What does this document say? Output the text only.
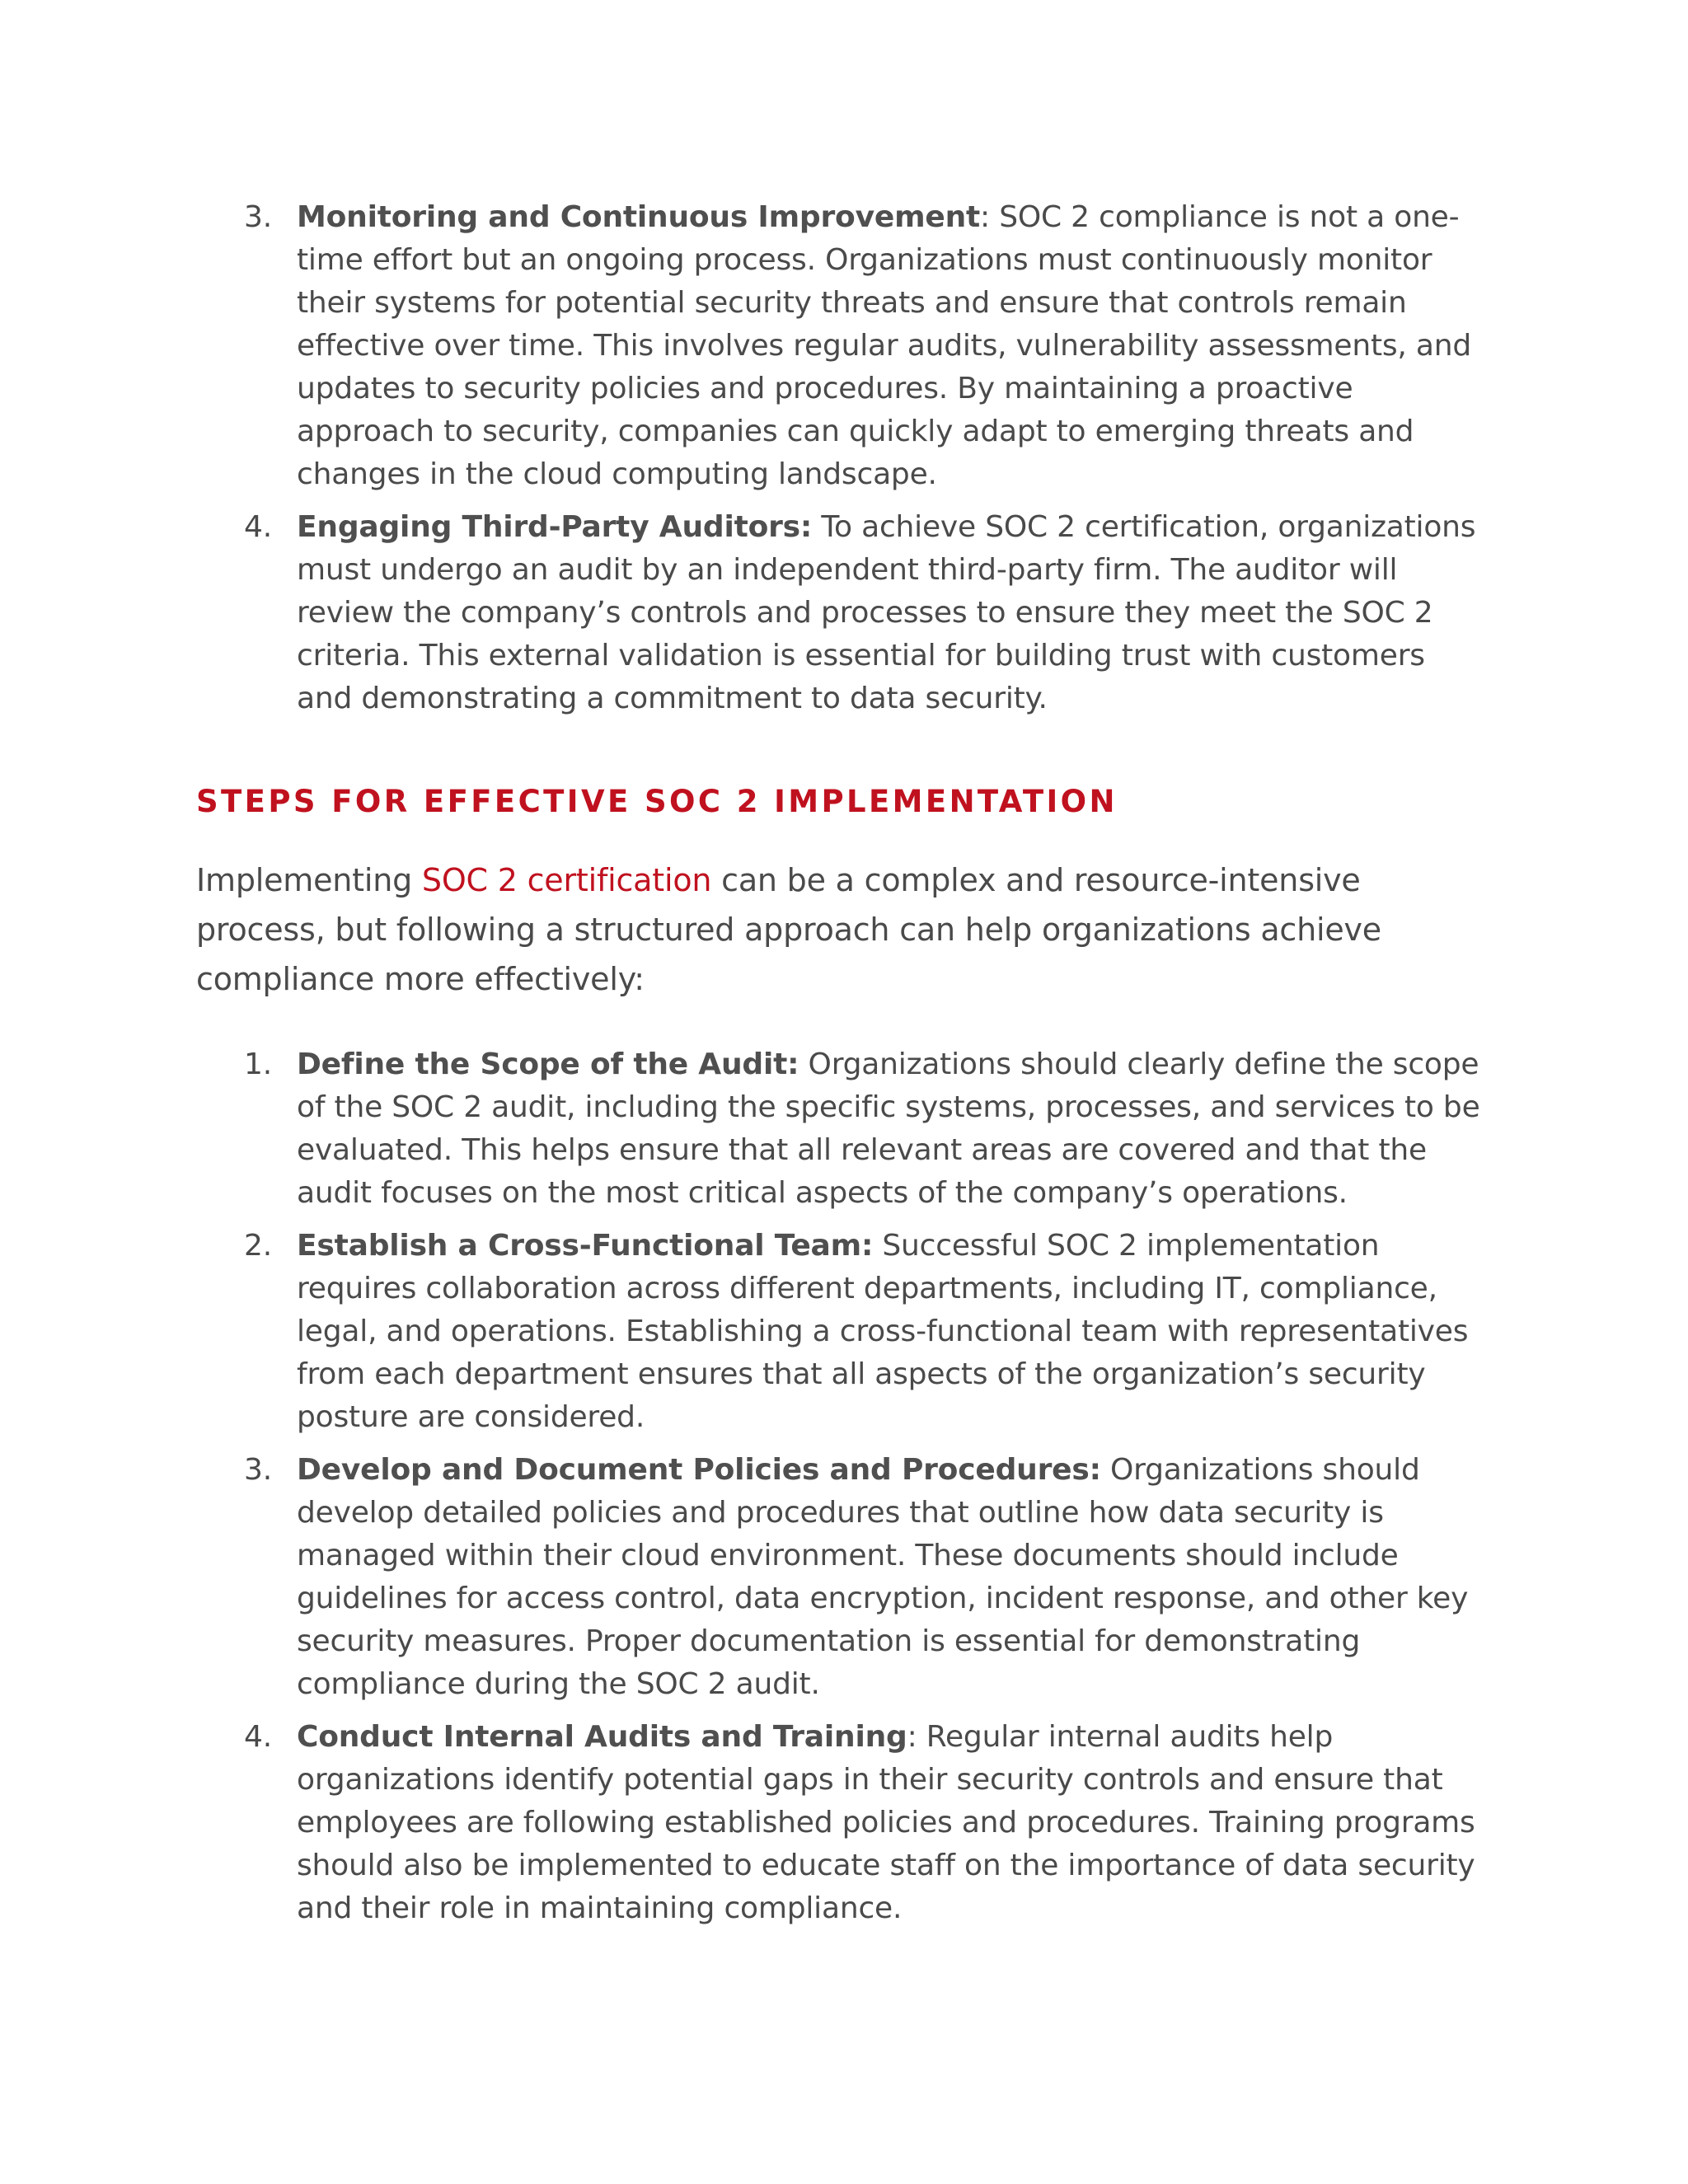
3. Monitoring and Continuous Improvement: SOC 2 compliance is not a one-time effort but an ongoing process. Organizations must continuously monitor their systems for potential security threats and ensure that controls remain effective over time. This involves regular audits, vulnerability assessments, and updates to security policies and procedures. By maintaining a proactive approach to security, companies can quickly adapt to emerging threats and changes in the cloud computing landscape.
4. Engaging Third-Party Auditors: To achieve SOC 2 certification, organizations must undergo an audit by an independent third-party firm. The auditor will review the company’s controls and processes to ensure they meet the SOC 2 criteria. This external validation is essential for building trust with customers and demonstrating a commitment to data security.
STEPS FOR EFFECTIVE SOC 2 IMPLEMENTATION

Implementing SOC 2 certification can be a complex and resource-intensive process, but following a structured approach can help organizations achieve compliance more effectively:

1. Define the Scope of the Audit: Organizations should clearly define the scope of the SOC 2 audit, including the specific systems, processes, and services to be evaluated. This helps ensure that all relevant areas are covered and that the audit focuses on the most critical aspects of the company’s operations.
2. Establish a Cross-Functional Team: Successful SOC 2 implementation requires collaboration across different departments, including IT, compliance, legal, and operations. Establishing a cross-functional team with representatives from each department ensures that all aspects of the organization’s security posture are considered.
3. Develop and Document Policies and Procedures: Organizations should develop detailed policies and procedures that outline how data security is managed within their cloud environment. These documents should include guidelines for access control, data encryption, incident response, and other key security measures. Proper documentation is essential for demonstrating compliance during the SOC 2 audit.
4. Conduct Internal Audits and Training: Regular internal audits help organizations identify potential gaps in their security controls and ensure that employees are following established policies and procedures. Training programs should also be implemented to educate staff on the importance of data security and their role in maintaining compliance.
